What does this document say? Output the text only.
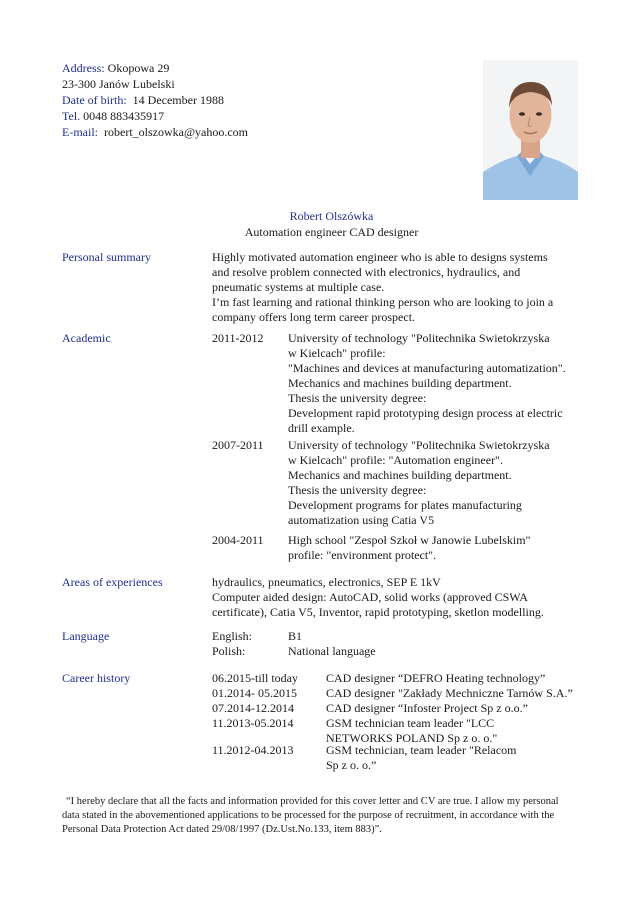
Address: Okopowa 29
23-300 Janów Lubelski
Date of birth: 14 December 1988
Tel. 0048 883435917
E-mail: robert_olszowka@yahoo.com
Robert Olszówka
Automation engineer CAD designer
Personal summary	Highly motivated automation engineer who is able to designs systems
and resolve problem connected with electronics, hydraulics, and
pneumatic systems at multiple case.
I’m fast learning and rational thinking person who are looking to join a
company offers long term career prospect.
Academic	2011-2012 University of technology "Politechnika Swietokrzyska
w Kielcach" profile:
"Machines and devices at manufacturing automatization".
Mechanics and machines building department.
Thesis the university degree:
Development rapid prototyping design process at electric
drill example.
2007-2011 University of technology "Politechnika Swietokrzyska
w Kielcach" profile: "Automation engineer".
Mechanics and machines building department.
Thesis the university degree:
Development programs for plates manufacturing
automatization using Catia V5
2004-2011 High school "Zespoł Szkoł w Janowie Lubelskim"
profile: "environment protect".
Areas of experiences	hydraulics, pneumatics, electronics, SEP E 1kV
Computer aided design: AutoCAD, solid works (approved CSWA
certificate), Catia V5, Inventor, rapid prototyping, sketlon modelling.
Language	English:	B1
Polish:	National language
Career history	06.2015-till today CAD designer “DEFRO Heating technology”
01.2014- 05.2015 CAD designer "Zakłady Mechniczne Tarnów S.A.”
07.2014-12.2014	CAD designer “Infoster Project Sp z o.o.”
11.2013-05.2014	GSM technician team leader "LCC
NETWORKS POLAND Sp z o. o."
11.2012-04.2013	GSM technician, team leader "Relacom
Sp z o. o.”
“I hereby declare that all the facts and information provided for this cover letter and CV are true. I allow my personal
data stated in the abovementioned applications to be processed for the purpose of recruitment, in accordance with the
Personal Data Protection Act dated 29/08/1997 (Dz.Ust.No.133, item 883)”.
